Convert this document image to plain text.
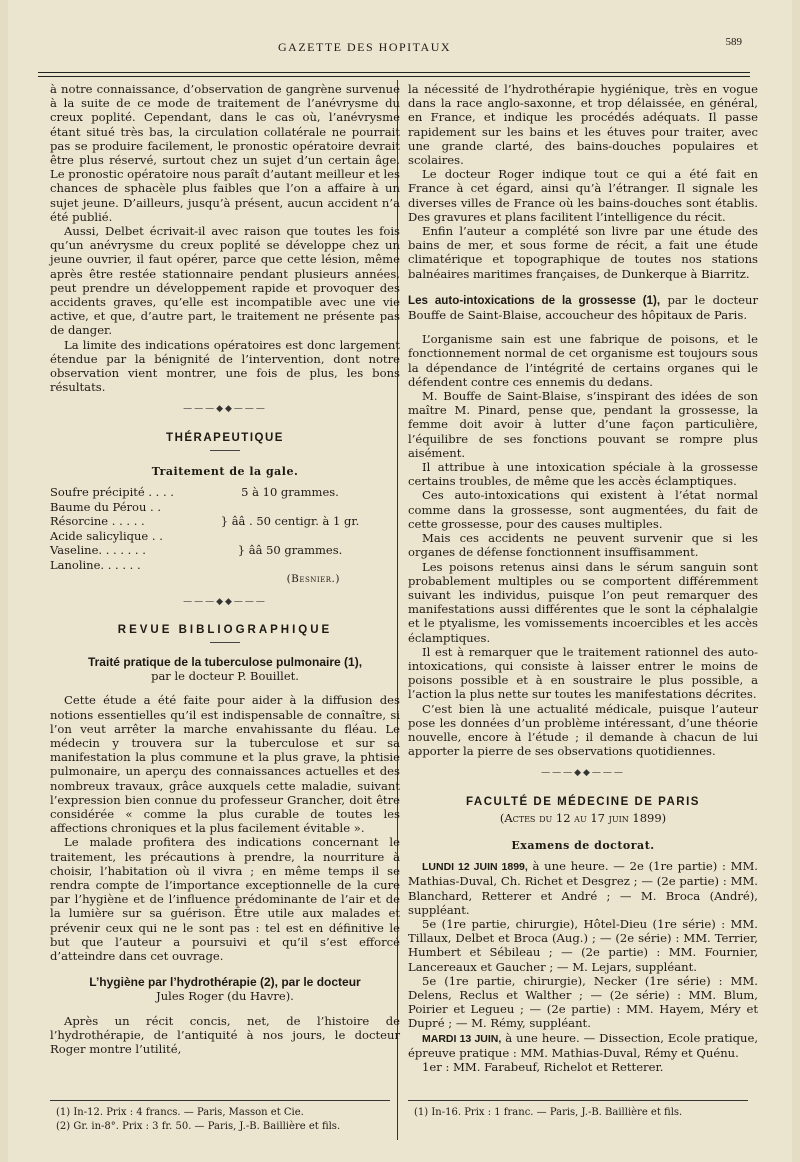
GAZETTE DES HOPITAUX	589

à notre connaissance, d’observation de gangrène survenue à la suite de ce mode de traitement de l’anévrysme du creux poplité. Cependant, dans le cas où, l’anévrysme étant situé très bas, la circulation collatérale ne pourrait pas se produire facilement, le pronostic opératoire devrait être plus réservé, surtout chez un sujet d’un certain âge. Le pronostic opératoire nous paraît d’autant meilleur et les chances de sphacèle plus faibles que l’on a affaire à un sujet jeune. D’ailleurs, jusqu’à présent, aucun accident n’a été publié.

Aussi, Delbet écrivait-il avec raison que toutes les fois qu’un anévrysme du creux poplité se développe chez un jeune ouvrier, il faut opérer, parce que cette lésion, même après être restée stationnaire pendant plusieurs années, peut prendre un développement rapide et provoquer des accidents graves, qu’elle est incompatible avec une vie active, et que, d’autre part, le traitement ne présente pas de danger.

La limite des indications opératoires est donc largement étendue par la bénignité de l’intervention, dont notre observation vient montrer, une fois de plus, les bons résultats.

———◆◆———
THÉRAPEUTIQUE
Traitement de la gale.
Soufre précipité . . . .	5 à 10 grammes.
Baume du Pérou . .
Résorcine . . . . .	} ââ . 50 centigr. à 1 gr.
Acide salicylique . .
Vaseline. . . . . . .	} ââ 50 grammes.
Lanoline. . . . . .
(Besnier.)
———◆◆———
REVUE BIBLIOGRAPHIQUE
Traité pratique de la tuberculose pulmonaire (1),
par le docteur P. Bouillet.

Cette étude a été faite pour aider à la diffusion des notions essentielles qu’il est indispensable de connaître, si l’on veut arrêter la marche envahissante du fléau. Le médecin y trouvera sur la tuberculose et sur sa manifestation la plus commune et la plus grave, la phtisie pulmonaire, un aperçu des connaissances actuelles et des nombreux travaux, grâce auxquels cette maladie, suivant l’expression bien connue du professeur Grancher, doit être considérée « comme la plus curable de toutes les affections chroniques et la plus facilement évitable ».

Le malade profitera des indications concernant le traitement, les précautions à prendre, la nourriture à choisir, l’habitation où il vivra ; en même temps il se rendra compte de l’importance exceptionnelle de la cure par l’hygiène et de l’influence prédominante de l’air et de la lumière sur sa guérison. Être utile aux malades et prévenir ceux qui ne le sont pas : tel est en définitive le but que l’auteur a poursuivi et qu’il s’est efforcé d’atteindre dans cet ouvrage.

L’hygiène par l’hydrothérapie (2), par le docteur
Jules Roger (du Havre).

Après un récit concis, net, de l’histoire de l’hydrothérapie, de l’antiquité à nos jours, le docteur Roger montre l’utilité,

(1) In-12. Prix : 4 francs. — Paris, Masson et Cie.
(2) Gr. in-8°. Prix : 3 fr. 50. — Paris, J.-B. Baillière et fils.

la nécessité de l’hydrothérapie hygiénique, très en vogue dans la race anglo-saxonne, et trop délaissée, en général, en France, et indique les procédés adéquats. Il passe rapidement sur les bains et les étuves pour traiter, avec une grande clarté, des bains-douches populaires et scolaires.

Le docteur Roger indique tout ce qui a été fait en France à cet égard, ainsi qu’à l’étranger. Il signale les diverses villes de France où les bains-douches sont établis. Des gravures et plans facilitent l’intelligence du récit.

Enfin l’auteur a complété son livre par une étude des bains de mer, et sous forme de récit, a fait une étude climatérique et topographique de toutes nos stations balnéaires maritimes françaises, de Dunkerque à Biarritz.

Les auto-intoxications de la grossesse (1), par le docteur Bouffe de Saint-Blaise, accoucheur des hôpitaux de Paris.

L’organisme sain est une fabrique de poisons, et le fonctionnement normal de cet organisme est toujours sous la dépendance de l’intégrité de certains organes qui le défendent contre ces ennemis du dedans.

M. Bouffe de Saint-Blaise, s’inspirant des idées de son maître M. Pinard, pense que, pendant la grossesse, la femme doit avoir à lutter d’une façon particulière, l’équilibre de ses fonctions pouvant se rompre plus aisément.

Il attribue à une intoxication spéciale à la grossesse certains troubles, de même que les accès éclamptiques.

Ces auto-intoxications qui existent à l’état normal comme dans la grossesse, sont augmentées, du fait de cette grossesse, pour des causes multiples.

Mais ces accidents ne peuvent survenir que si les organes de défense fonctionnent insuffisamment.

Les poisons retenus ainsi dans le sérum sanguin sont probablement multiples ou se comportent différemment suivant les individus, puisque l’on peut remarquer des manifestations aussi différentes que le sont la céphalalgie et le ptyalisme, les vomissements incoercibles et les accès éclamptiques.

Il est à remarquer que le traitement rationnel des auto-intoxications, qui consiste à laisser entrer le moins de poisons possible et à en soustraire le plus possible, a l’action la plus nette sur toutes les manifestations décrites.

C’est bien là une actualité médicale, puisque l’auteur pose les données d’un problème intéressant, d’une théorie nouvelle, encore à l’étude ; il demande à chacun de lui apporter la pierre de ses observations quotidiennes.

———◆◆———
FACULTÉ DE MÉDECINE DE PARIS
(Actes du 12 au 17 juin 1899)
Examens de doctorat.

LUNDI 12 JUIN 1899, à une heure. — 2e (1re partie) : MM. Mathias-Duval, Ch. Richet et Desgrez ; — (2e partie) : MM. Blanchard, Retterer et André ; — M. Broca (André), suppléant.

5e (1re partie, chirurgie), Hôtel-Dieu (1re série) : MM. Tillaux, Delbet et Broca (Aug.) ; — (2e série) : MM. Terrier, Humbert et Sébileau ; — (2e partie) : MM. Fournier, Lancereaux et Gaucher ; — M. Lejars, suppléant.

5e (1re partie, chirurgie), Necker (1re série) : MM. Delens, Reclus et Walther ; — (2e série) : MM. Blum, Poirier et Legueu ; — (2e partie) : MM. Hayem, Méry et Dupré ; — M. Rémy, suppléant.

MARDI 13 JUIN, à une heure. — Dissection, Ecole pratique, épreuve pratique : MM. Mathias-Duval, Rémy et Quénu.

1er : MM. Farabeuf, Richelot et Retterer.

(1) In-16. Prix : 1 franc. — Paris, J.-B. Baillière et fils.
